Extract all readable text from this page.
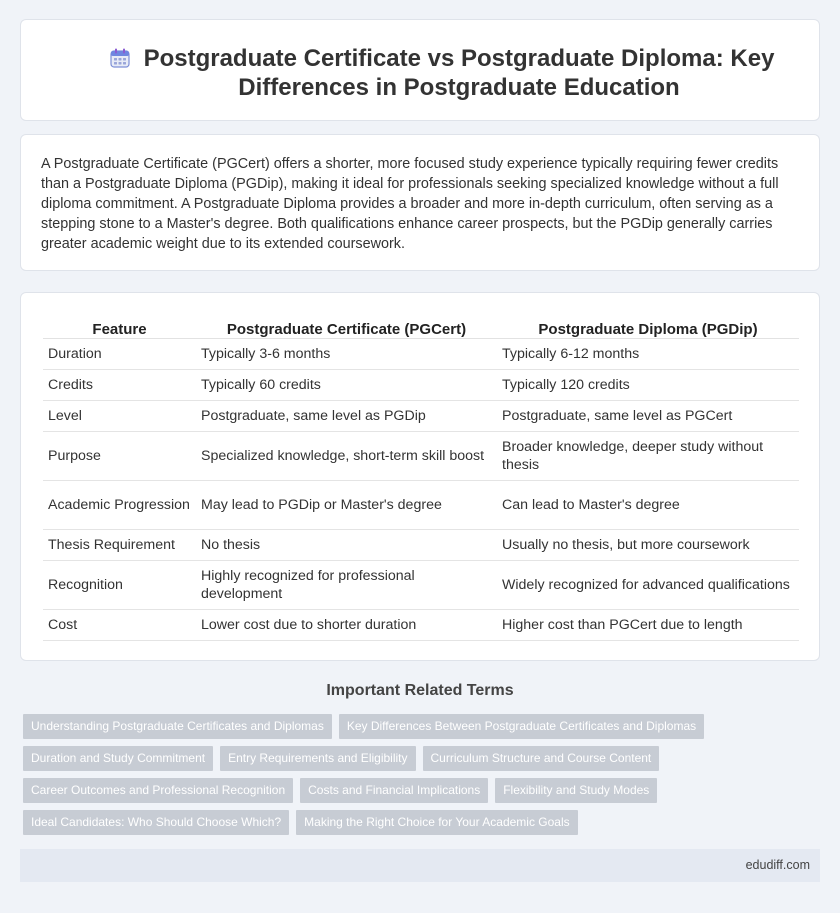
Postgraduate Certificate vs Postgraduate Diploma: Key Differences in Postgraduate Education

A Postgraduate Certificate (PGCert) offers a shorter, more focused study experience typically requiring fewer credits than a Postgraduate Diploma (PGDip), making it ideal for professionals seeking specialized knowledge without a full diploma commitment. A Postgraduate Diploma provides a broader and more in-depth curriculum, often serving as a stepping stone to a Master's degree. Both qualifications enhance career prospects, but the PGDip generally carries greater academic weight due to its extended coursework.

Feature	Postgraduate Certificate (PGCert)	Postgraduate Diploma (PGDip)
Duration	Typically 3-6 months	Typically 6-12 months
Credits	Typically 60 credits	Typically 120 credits
Level	Postgraduate, same level as PGDip	Postgraduate, same level as PGCert
Purpose	Specialized knowledge, short-term skill boost	Broader knowledge, deeper study without thesis
Academic Progression	May lead to PGDip or Master's degree	Can lead to Master's degree
Thesis Requirement	No thesis	Usually no thesis, but more coursework
Recognition	Highly recognized for professional development	Widely recognized for advanced qualifications
Cost	Lower cost due to shorter duration	Higher cost than PGCert due to length
Important Related Terms
Understanding Postgraduate Certificates and Diplomas	Key Differences Between Postgraduate Certificates and Diplomas
Duration and Study Commitment	Entry Requirements and Eligibility	Curriculum Structure and Course Content
Career Outcomes and Professional Recognition	Costs and Financial Implications	Flexibility and Study Modes
Ideal Candidates: Who Should Choose Which?	Making the Right Choice for Your Academic Goals
edudiff.com
